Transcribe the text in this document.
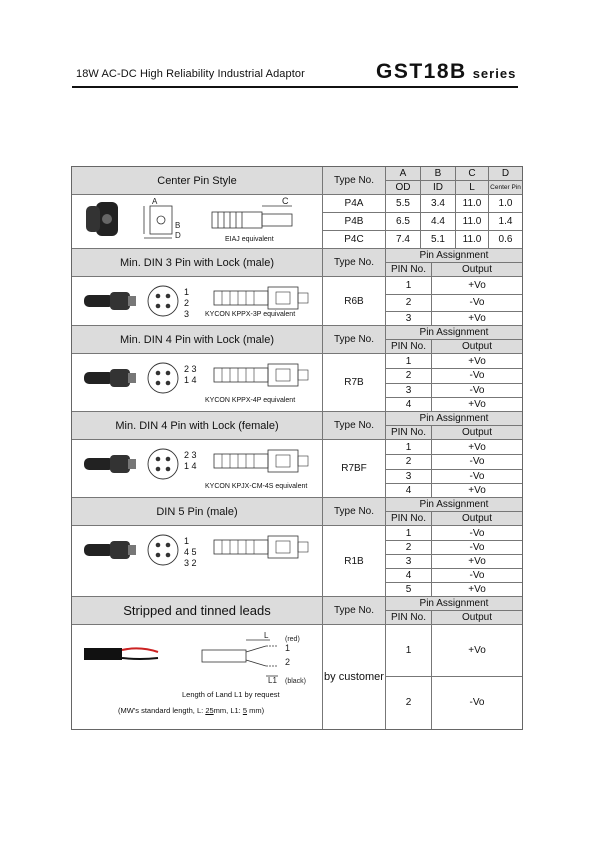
18W AC-DC High Reliability Industrial Adaptor	GST18B series
Center Pin Style	Type No.
A	B	C	D
OD	ID	L	Center Pin
P4A	5.5	3.4	11.0	1.0
P4B	6.5	4.4	11.0	1.4
P4C	7.4	5.1	11.0	0.6
A
B
D
C
EIAJ equivalent
Min. DIN 3 Pin with Lock (male)	Type No.
Pin Assignment
PIN No.	Output
R6B
1	+Vo
2	-Vo
3	+Vo
1
2
3 KYCON KPPX-3P equivalent
Min. DIN 4 Pin with Lock (male)	Type No.
Pin Assignment
PIN No.	Output
R7B
1	+Vo
2	-Vo
3	-Vo
4	+Vo
2 3
1 4
KYCON KPPX-4P equivalent
Min. DIN 4 Pin with Lock (female)	Type No.
Pin Assignment
PIN No.	Output
R7BF
1	+Vo
2	-Vo
3	-Vo
4	+Vo
2 3
1 4
KYCON KPJX-CM-4S equivalent
DIN 5 Pin (male)	Type No.
Pin Assignment
PIN No.	Output
R1B
1	-Vo
2	-Vo
3	+Vo
4	-Vo
5	+Vo
1
4 5
3 2
Stripped and tinned leads	Type No.
Pin Assignment
PIN No.	Output
by customer
1	+Vo
2	-Vo
L (red)
1
2
L1 (black)
Length of Land L1 by request
(MW's standard length, L: 25mm, L1: 5 mm)
